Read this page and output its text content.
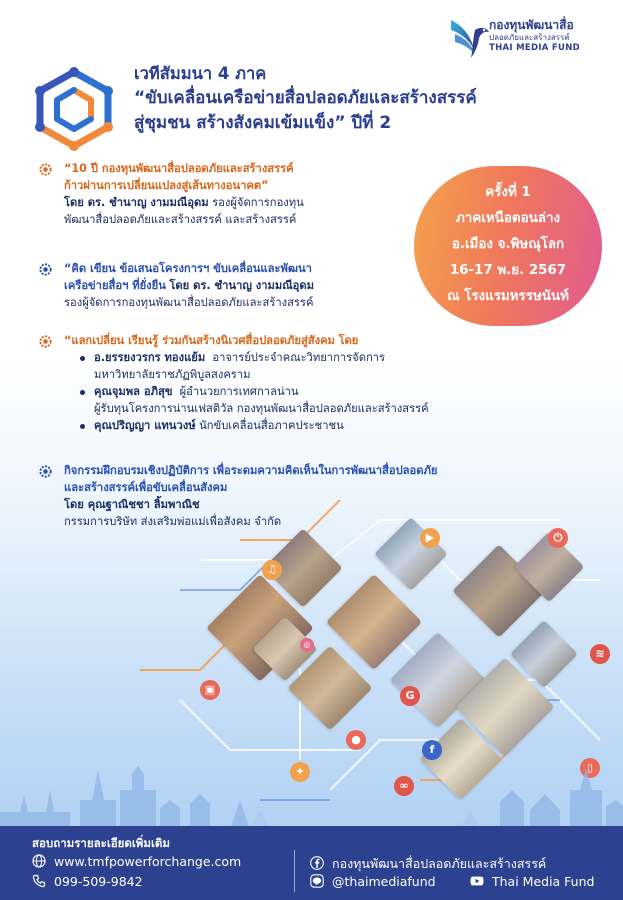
กองทุนพัฒนาสื่อ
ปลอดภัยและสร้างสรรค์
THAI MEDIA FUND
เวทีสัมมนา 4 ภาค
“ขับเคลื่อนเครือข่ายสื่อปลอดภัยและสร้างสรรค์
สู่ชุมชน สร้างสังคมเข้มแข็ง” ปีที่ 2
“10 ปี กองทุนพัฒนาสื่อปลอดภัยและสร้างสรรค์
ก้าวผ่านการเปลี่ยนแปลงสู่เส้นทางอนาคต”
โดย ดร. ชำนาญ งามมณีอุดม รองผู้จัดการกองทุน
พัฒนาสื่อปลอดภัยและสร้างสรรค์ และสร้างสรรค์
“คิด เขียน ข้อเสนอโครงการฯ ขับเคลื่อนและพัฒนา
เครือข่ายสื่อฯ ที่ยั่งยืน โดย ดร. ชำนาญ งามมณีอุดม
รองผู้จัดการกองทุนพัฒนาสื่อปลอดภัยและสร้างสรรค์
“แลกเปลี่ยน เรียนรู้ ร่วมกันสร้างนิเวศสื่อปลอดภัยสู่สังคม โดย
อ.ยรรยงวรกร ทองแย้ม อาจารย์ประจำคณะวิทยาการจัดการ
มหาวิทยาลัยราชภัฏพิบูลสงคราม
คุณจุมพล อภิสุข ผู้อำนวยการเทศกาลน่าน
ผู้รับทุนโครงการน่านเฟสติวัล กองทุนพัฒนาสื่อปลอดภัยและสร้างสรรค์
คุณปริญญา แทนวงษ์ นักขับเคลื่อนสื่อภาคประชาชน
กิจกรรมฝึกอบรมเชิงปฏิบัติการ เพื่อระดมความคิดเห็นในการพัฒนาสื่อปลอดภัย
และสร้างสรรค์เพื่อขับเคลื่อนสังคม
โดย คุณฐาณิชชา ลิ้มพาณิช
กรรมการบริษัท ส่งเสริมพ่อแม่เพื่อสังคม จำกัด
ครั้งที่ 1
ภาคเหนือตอนล่าง
อ.เมือง จ.พิษณุโลก
16-17 พ.ย. 2567
ณ โรงแรมหรรษนันท์
♫
▶	⏻
◎
G
●
f
≋
▣
✦
∞
▯
สอบถามรายละเอียดเพิ่มเติม
www.tmfpowerforchange.com
099-509-9842
กองทุนพัฒนาสื่อปลอดภัยและสร้างสรรค์
@thaimediafund	Thai Media Fund
